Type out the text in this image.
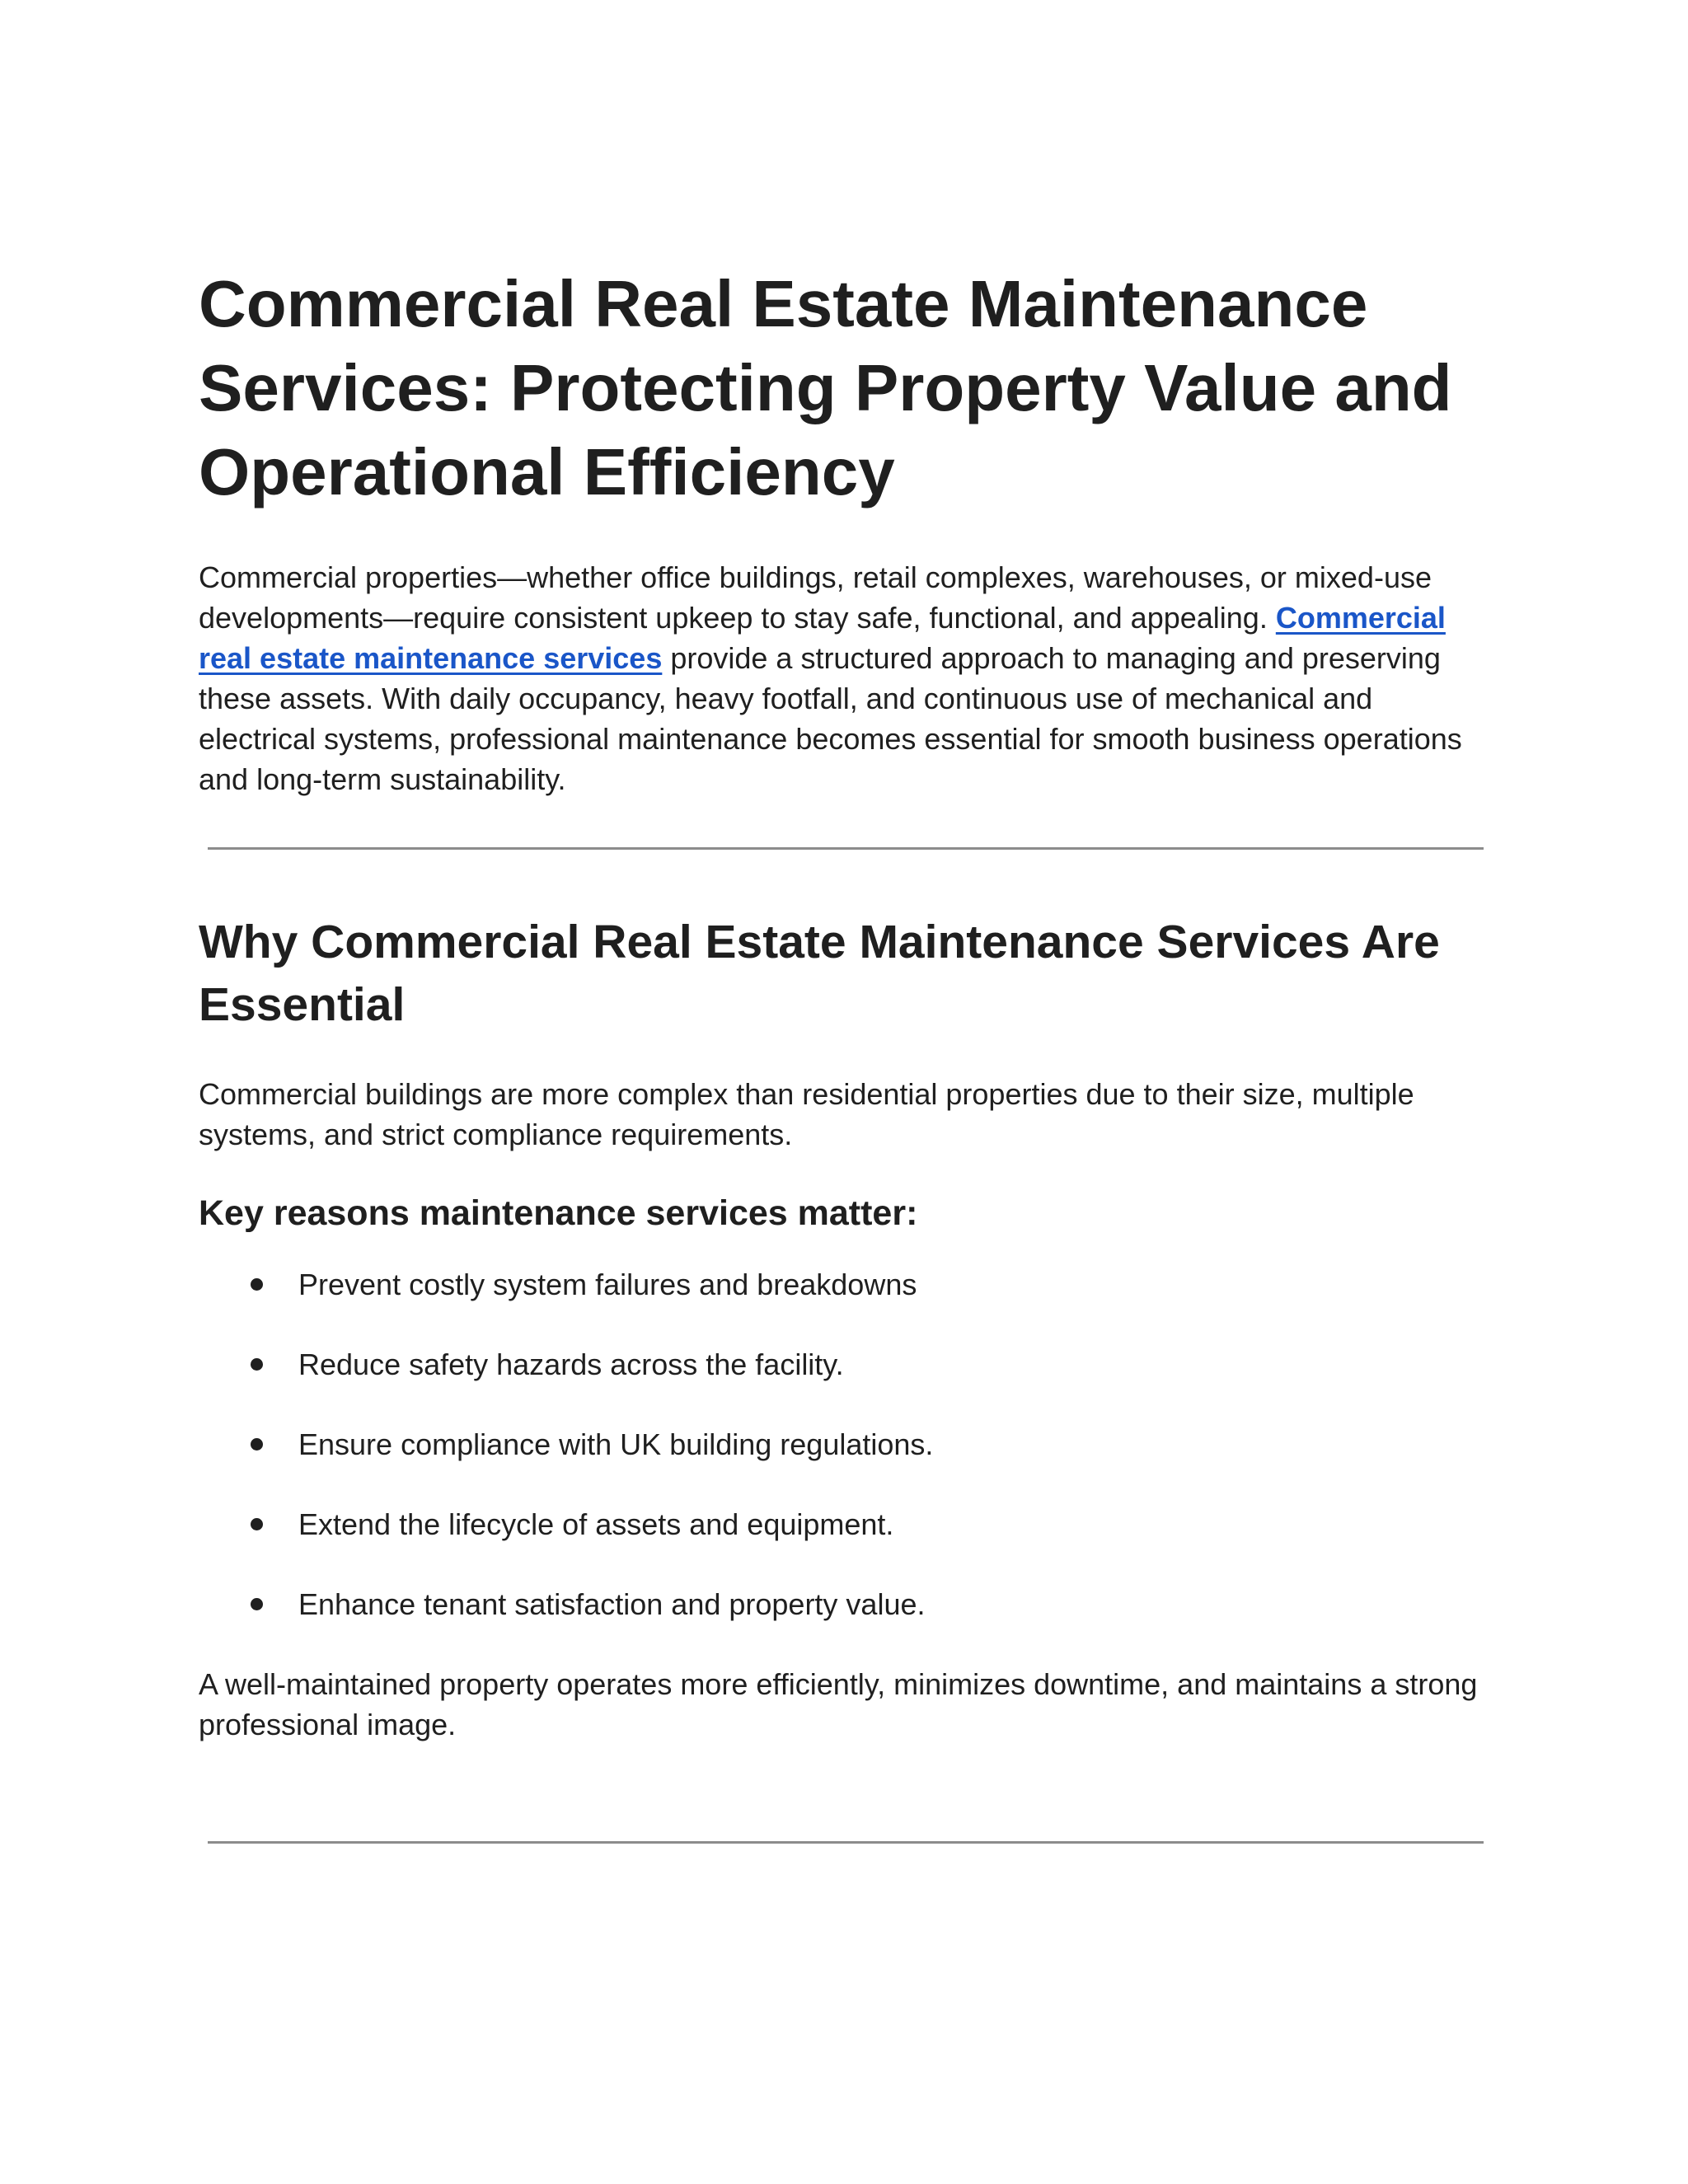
Commercial Real Estate Maintenance Services: Protecting Property Value and Operational Efficiency

Commercial properties—whether office buildings, retail complexes, warehouses, or mixed-use developments—require consistent upkeep to stay safe, functional, and appealing. Commercial real estate maintenance services provide a structured approach to managing and preserving these assets. With daily occupancy, heavy footfall, and continuous use of mechanical and electrical systems, professional maintenance becomes essential for smooth business operations and long-term sustainability.

Why Commercial Real Estate Maintenance Services Are Essential

Commercial buildings are more complex than residential properties due to their size, multiple systems, and strict compliance requirements.

Key reasons maintenance services matter:
Prevent costly system failures and breakdowns
Reduce safety hazards across the facility.
Ensure compliance with UK building regulations.
Extend the lifecycle of assets and equipment.
Enhance tenant satisfaction and property value.

A well-maintained property operates more efficiently, minimizes downtime, and maintains a strong professional image.
